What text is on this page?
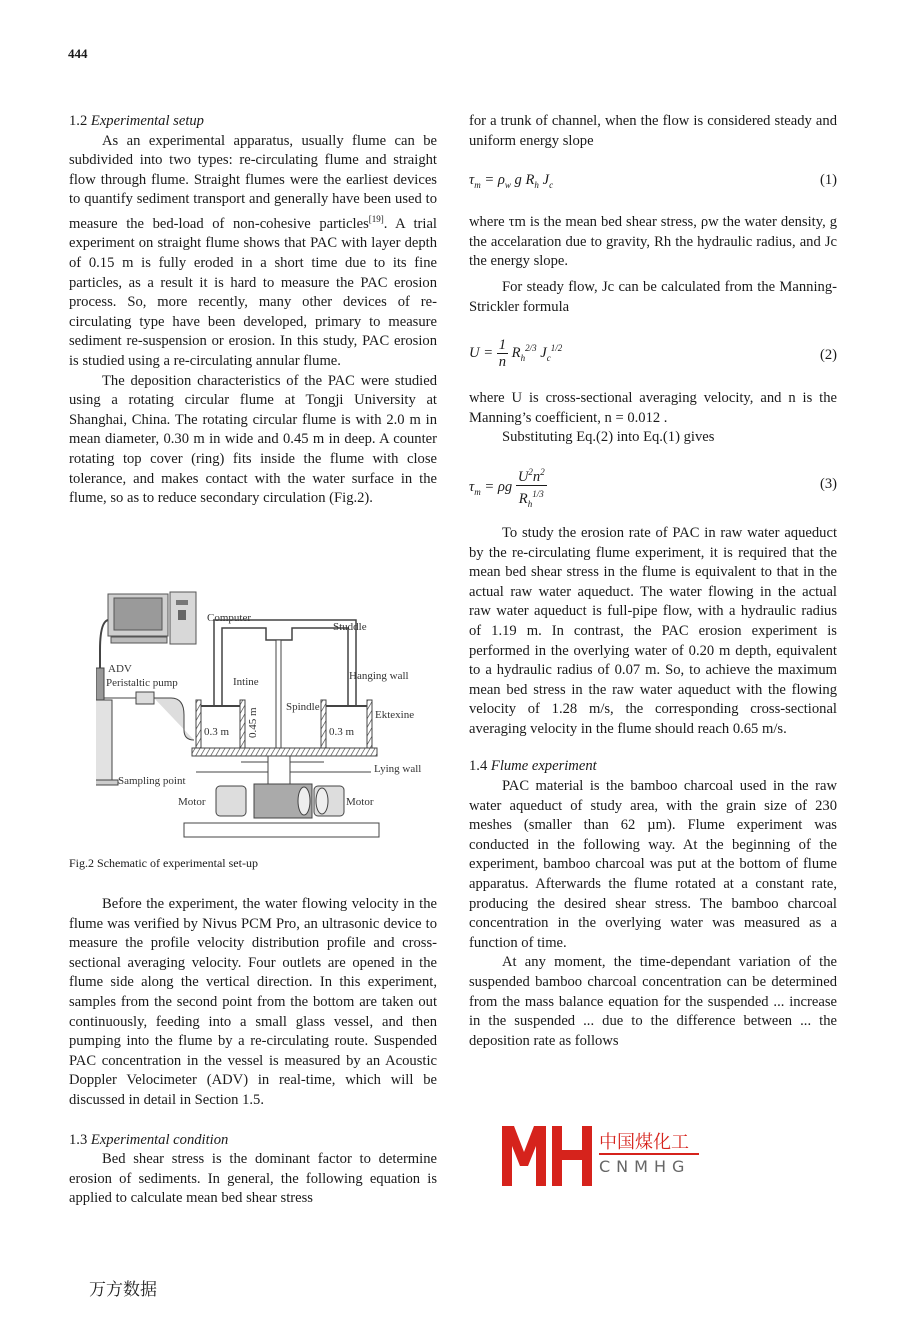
444

1.2 Experimental setup

As an experimental apparatus, usually flume can be subdivided into two types: re-circulating flume and straight flow through flume. Straight flumes were the earliest devices to quantify sediment transport and generally have been used to measure the bed-load of non-cohesive particles[19]. A trial experiment on straight flume shows that PAC with layer depth of 0.15 m is fully eroded in a short time due to its fine particles, as a result it is hard to measure the PAC erosion process. So, more recently, many other devices of re-circulating type have been developed, primary to measure sediment re-suspension or erosion. In this study, PAC erosion is studied using a re-circulating annular flume.

The deposition characteristics of the PAC were studied using a rotating circular flume at Tongji University at Shanghai, China. The rotating circular flume is with 2.0 m in mean diameter, 0.30 m in wide and 0.45 m in deep. A counter rotating top cover (ring) fits inside the flume with close tolerance, and makes contact with the water surface in the flume, so as to reduce secondary circulation (Fig.2).

Computer
ADV
Peristaltic pump	Intine
0.3 m 0.45 m
Studdle
Spindle
Hanging wall
Ektexine
0.3 m
Lying wall
Sampling point
Motor	Motor
Fig.2 Schematic of experimental set-up

Before the experiment, the water flowing velocity in the flume was verified by Nivus PCM Pro, an ultrasonic device to measure the profile velocity distribution profile and cross-sectional averaging velocity. Four outlets are opened in the flume side along the vertical direction. In this experiment, samples from the second point from the bottom are taken out continuously, feeding into a small glass vessel, and then pumping into the flume by a re-circulating route. Suspended PAC concentration in the vessel is measured by an Acoustic Doppler Velocimeter (ADV) in real-time, which will be discussed in detail in Section 1.5.

1.3 Experimental condition

Bed shear stress is the dominant factor to determine erosion of sediments. In general, the following equation is applied to calculate mean bed shear stress

for a trunk of channel, when the flow is considered steady and uniform energy slope

$\tau_m = \rho_w$ g $R_h$ $J_c$	(1)

where τm is the mean bed shear stress, ρw the water density, g the accelaration due to gravity, Rh the hydraulic radius, and Jc the energy slope.

For steady flow, Jc can be calculated from the Manning-Strickler formula

$U = \frac{1}{n} R_h^{2/3}$ $J_c^{1/2}$	(2)

where U is cross-sectional averaging velocity, and n is the Manning’s coefficient, n = 0.012 .

Substituting Eq.(2) into Eq.(1) gives

$\tau_m = \rho g \frac{U^2n^2}{R_h^{1/3}}$	(3)

To study the erosion rate of PAC in raw water aqueduct by the re-circulating flume experiment, it is required that the mean bed shear stress in the flume is equivalent to that in the actual raw water aqueduct. The water flowing in the actual raw water aqueduct is full-pipe flow, with a hydraulic radius of 1.19 m. In contrast, the PAC erosion experiment is performed in the overlying water of 0.20 m depth, equivalent to a hydraulic radius of 0.07 m. So, to achieve the maximum mean bed stress in the raw water aqueduct with the flowing velocity of 1.28 m/s, the corresponding cross-sectional averaging velocity in the flume should reach 0.65 m/s.

1.4 Flume experiment

PAC material is the bamboo charcoal used in the raw water aqueduct of study area, with the grain size of 230 meshes (smaller than 62 µm). Flume experiment was conducted in the following way. At the beginning of the experiment, bamboo charcoal was put at the bottom of flume apparatus. Afterwards the flume rotated at a constant rate, producing the desired shear stress. The bamboo charcoal concentration in the overlying water was measured as a function of time.

At any moment, the time-dependant variation of the suspended bamboo charcoal concentration can be determined from the mass balance equation for the suspended ... increase in the suspended ... due to the difference between ... the deposition rate as follows

中国煤化工
CNMHG
万方数据
